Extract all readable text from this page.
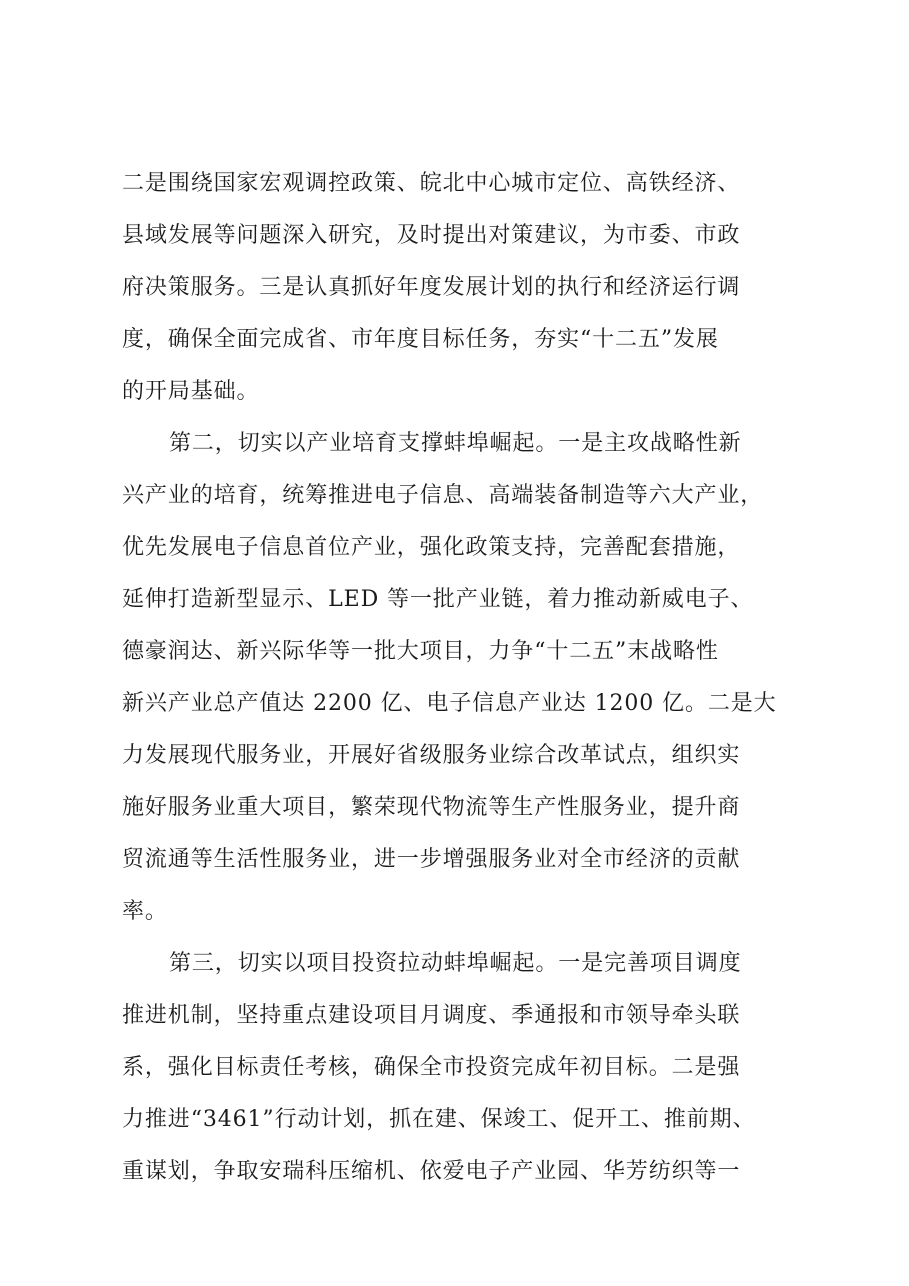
二是围绕国家宏观调控政策、皖北中心城市定位、高铁经济、
县域发展等问题深入研究，及时提出对策建议，为市委、市政
府决策服务。三是认真抓好年度发展计划的执行和经济运行调
度，确保全面完成省、市年度目标任务，夯实“十二五”发展
的开局基础。
第二，切实以产业培育支撑蚌埠崛起。一是主攻战略性新
兴产业的培育，统筹推进电子信息、高端装备制造等六大产业，
优先发展电子信息首位产业，强化政策支持，完善配套措施，
延伸打造新型显示、LED 等一批产业链，着力推动新威电子、
德豪润达、新兴际华等一批大项目，力争“十二五”末战略性
新兴产业总产值达 2200 亿、电子信息产业达 1200 亿。二是大
力发展现代服务业，开展好省级服务业综合改革试点，组织实
施好服务业重大项目，繁荣现代物流等生产性服务业，提升商
贸流通等生活性服务业，进一步增强服务业对全市经济的贡献
率。
第三，切实以项目投资拉动蚌埠崛起。一是完善项目调度
推进机制，坚持重点建设项目月调度、季通报和市领导牵头联
系，强化目标责任考核，确保全市投资完成年初目标。二是强
力推进“3461”行动计划，抓在建、保竣工、促开工、推前期、
重谋划，争取安瑞科压缩机、依爱电子产业园、华芳纺织等一
